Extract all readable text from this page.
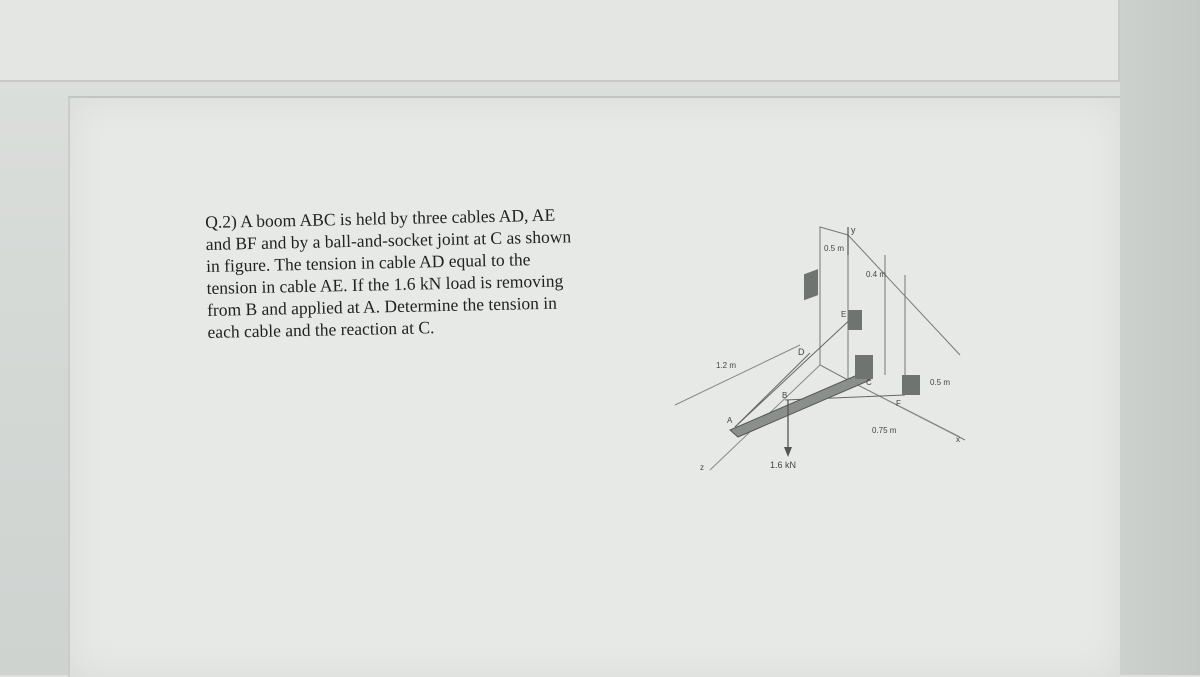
Q.2) A boom ABC is held by three cables AD, AE
and BF and by a ball-and-socket joint at C as shown
in figure. The tension in cable AD equal to the
tension in cable AE. If the 1.6 kN load is removing
from B and applied at A. Determine the tension in
each cable and the reaction at C.
y
x
z	1.6 kN
A
B
C
D
E
F
0.5 m
0.4 m
1.2 m
0.5 m
0.75 m
